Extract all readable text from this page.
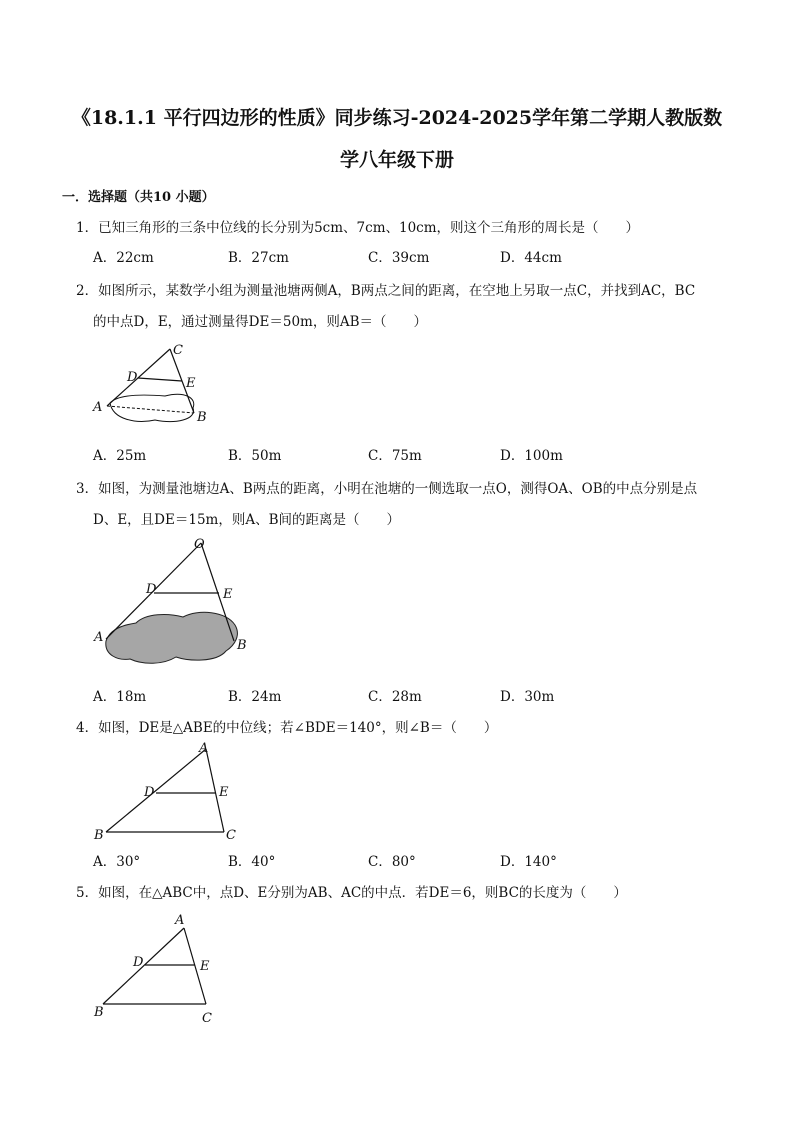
《18.1.1 平行四边形的性质》同步练习-2024-2025学年第二学期人教版数
学八年级下册
一．选择题（共10 小题）
1．已知三角形的三条中位线的长分别为5cm、7cm、10cm，则这个三角形的周长是（　　）
A．22cm	B．27cm	C．39cm	D．44cm
2．如图所示，某数学小组为测量池塘两侧A，B两点之间的距离，在空地上另取一点C，并找到AC，BC
的中点D，E，通过测量得DE＝50m，则AB＝（　　）
C
D	E
A
B
A．25m	B．50m	C．75m	D．100m
3．如图，为测量池塘边A、B两点的距离，小明在池塘的一侧选取一点O，测得OA、OB的中点分别是点
D、E，且DE＝15m，则A、B间的距离是（　　）
O
D	E
A
B
A．18m	B．24m	C．28m	D．30m
4．如图，DE是△ABE的中位线；若∠BDE＝140°，则∠B＝（　　）
A
D	E
B	C
A．30°	B．40°	C．80°	D．140°
5．如图，在△ABC中，点D、E分别为AB、AC的中点．若DE＝6，则BC的长度为（　　）
A
D	E
B	C
